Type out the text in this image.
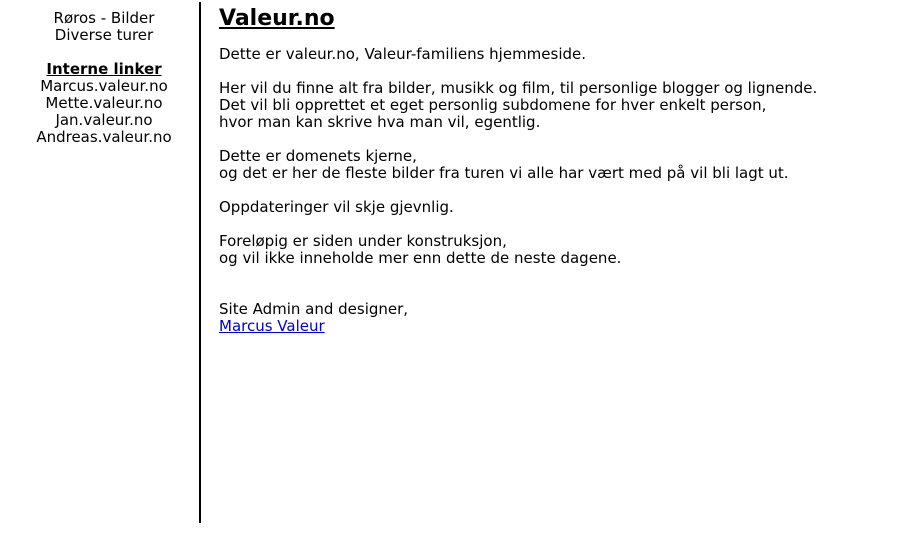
Røros - Bilder
Diverse turer
Interne linker
Marcus.valeur.no
Mette.valeur.no
Jan.valeur.no
Andreas.valeur.no
Valeur.no

Dette er valeur.no, Valeur-familiens hjemmeside.

Her vil du finne alt fra bilder, musikk og film, til personlige blogger og lignende.
Det vil bli opprettet et eget personlig subdomene for hver enkelt person,
hvor man kan skrive hva man vil, egentlig.

Dette er domenets kjerne,
og det er her de fleste bilder fra turen vi alle har vært med på vil bli lagt ut.

Oppdateringer vil skje gjevnlig.

Foreløpig er siden under konstruksjon,
og vil ikke inneholde mer enn dette de neste dagene.

Site Admin and designer,
Marcus Valeur
